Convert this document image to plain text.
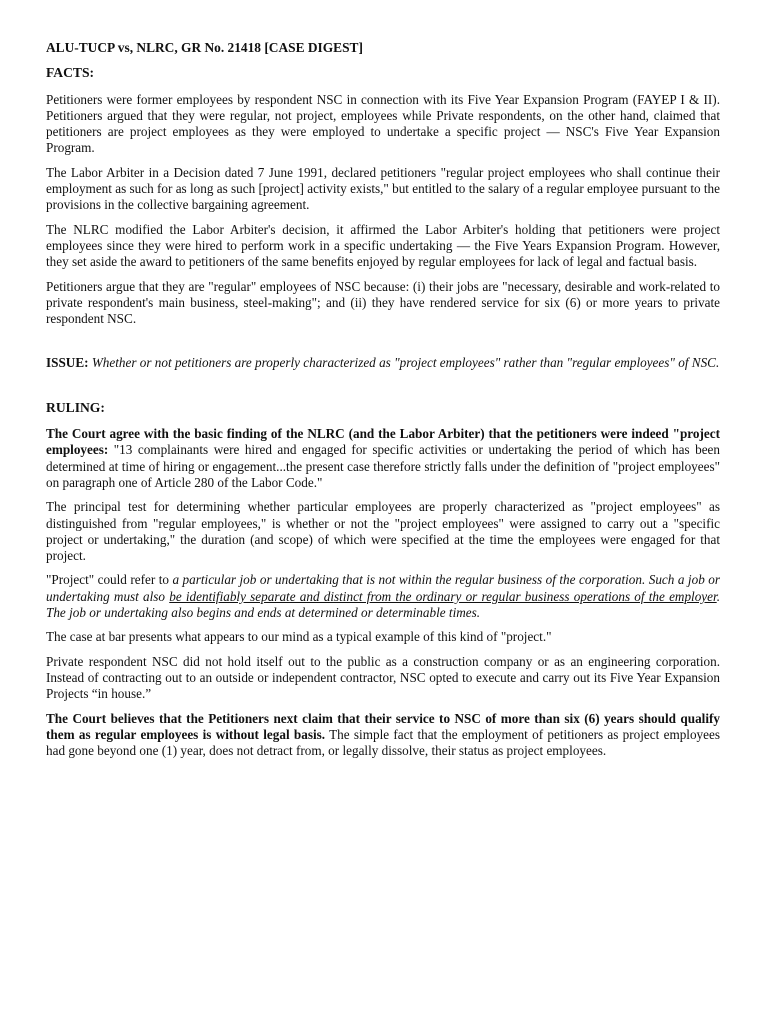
ALU-TUCP vs, NLRC, GR No. 21418 [CASE DIGEST]
FACTS:

Petitioners were former employees by respondent NSC in connection with its Five Year Expansion Program (FAYEP I & II). Petitioners argued that they were regular, not project, employees while Private respondents, on the other hand, claimed that petitioners are project employees as they were employed to undertake a specific project — NSC's Five Year Expansion Program.

The Labor Arbiter in a Decision dated 7 June 1991, declared petitioners "regular project employees who shall continue their employment as such for as long as such [project] activity exists," but entitled to the salary of a regular employee pursuant to the provisions in the collective bargaining agreement.

The NLRC modified the Labor Arbiter's decision, it affirmed the Labor Arbiter's holding that petitioners were project employees since they were hired to perform work in a specific undertaking — the Five Years Expansion Program. However, they set aside the award to petitioners of the same benefits enjoyed by regular employees for lack of legal and factual basis.

Petitioners argue that they are "regular" employees of NSC because: (i) their jobs are "necessary, desirable and work-related to private respondent's main business, steel-making"; and (ii) they have rendered service for six (6) or more years to private respondent NSC.

ISSUE: Whether or not petitioners are properly characterized as "project employees" rather than "regular employees" of NSC.

RULING:

The Court agree with the basic finding of the NLRC (and the Labor Arbiter) that the petitioners were indeed "project employees: "13 complainants were hired and engaged for specific activities or undertaking the period of which has been determined at time of hiring or engagement...the present case therefore strictly falls under the definition of "project employees" on paragraph one of Article 280 of the Labor Code."

The principal test for determining whether particular employees are properly characterized as "project employees" as distinguished from "regular employees," is whether or not the "project employees" were assigned to carry out a "specific project or undertaking," the duration (and scope) of which were specified at the time the employees were engaged for that project.

"Project" could refer to a particular job or undertaking that is not within the regular business of the corporation. Such a job or undertaking must also be identifiably separate and distinct from the ordinary or regular business operations of the employer. The job or undertaking also begins and ends at determined or determinable times.

The case at bar presents what appears to our mind as a typical example of this kind of "project."

Private respondent NSC did not hold itself out to the public as a construction company or as an engineering corporation. Instead of contracting out to an outside or independent contractor, NSC opted to execute and carry out its Five Year Expansion Projects “in house.”

The Court believes that the Petitioners next claim that their service to NSC of more than six (6) years should qualify them as regular employees is without legal basis. The simple fact that the employment of petitioners as project employees had gone beyond one (1) year, does not detract from, or legally dissolve, their status as project employees.
